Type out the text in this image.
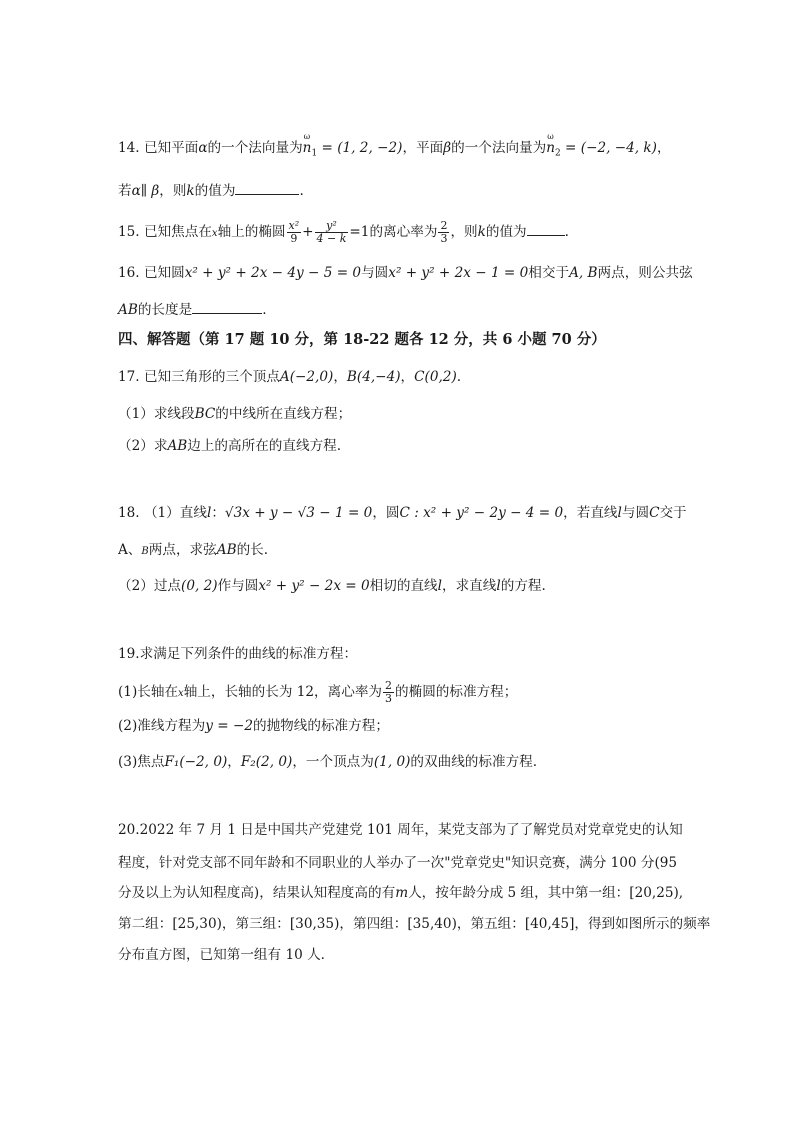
14. 已知平面α的一个法向量为ω $n_1 = (1$, 2, −2)，平面β的一个法向量为ω $n_2 = (-2$, −4, k)，
若α∥ β，则k的值为	.
15. 已知焦点在x轴上的椭圆 $\frac{\text{x²}}{9} + \frac{\text{y²}}{4 - k} =1$的离心率为 $\frac{2}{3}$ ，则k的值为	.
16. 已知圆x² + y² + 2x − 4y − 5 = 0与圆x² + y² + 2x − 1 = 0相交于A, B两点，则公共弦
AB的长度是	.
四、解答题（第 17 题 10 分，第 18-22 题各 12 分，共 6 小题 70 分）
17. 已知三角形的三个顶点A(−2,0)，B(4,−4)，C(0,2).
（1）求线段BC的中线所在直线方程；
（2）求AB边上的高所在的直线方程.
18. （1）直线l：√3x + y − √3 − 1 = 0，圆C : x² + y² − 2y − 4 = 0，若直线l与圆C交于
A、B两点，求弦AB的长.
（2）过点(0, 2)作与圆x² + y² − 2x = 0相切的直线l，求直线l的方程.
19.求满足下列条件的曲线的标准方程：
(1)长轴在x轴上，长轴的长为 12，离心率为 $\frac{2}{3}$ 的椭圆的标准方程；
(2)准线方程为y = −2的抛物线的标准方程；
(3)焦点F₁(−2, 0)，F₂(2, 0)，一个顶点为(1, 0)的双曲线的标准方程.
20.2022 年 7 月 1 日是中国共产党建党 101 周年，某党支部为了了解党员对党章党史的认知
程度，针对党支部不同年龄和不同职业的人举办了一次"党章党史"知识竞赛，满分 100 分(95
分及以上为认知程度高)，结果认知程度高的有m人，按年龄分成 5 组，其中第一组：[20,25),
第二组：[25,30)，第三组：[30,35)，第四组：[35,40)，第五组：[40,45]，得到如图所示的频率
分布直方图，已知第一组有 10 人.
